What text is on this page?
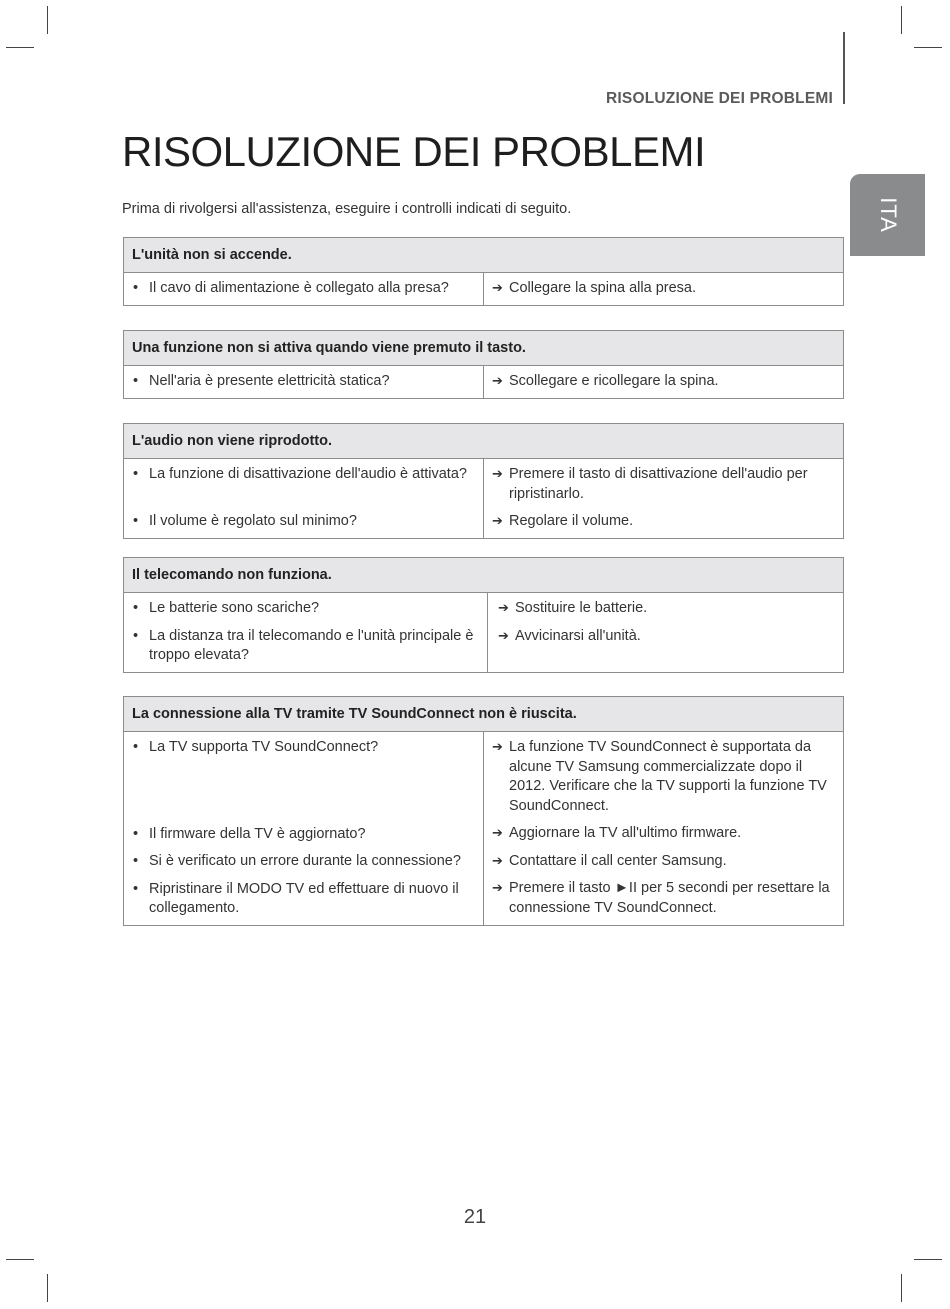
RISOLUZIONE DEI PROBLEMI
ITA
RISOLUZIONE DEI PROBLEMI
Prima di rivolgersi all'assistenza, eseguire i controlli indicati di seguito.
L'unità non si accende.
• Il cavo di alimentazione è collegato alla presa?	➔ Collegare la spina alla presa.
Una funzione non si attiva quando viene premuto il tasto.
• Nell'aria è presente elettricità statica?	➔ Scollegare e ricollegare la spina.
L'audio non viene riprodotto.
• La funzione di disattivazione dell'audio è attivata?
• Il volume è regolato sul minimo?
➔ Premere il tasto di disattivazione dell'audio per ripristinarlo.
➔ Regolare il volume.
Il telecomando non funziona.
• Le batterie sono scariche?
• La distanza tra il telecomando e l'unità principale è troppo elevata?
➔ Sostituire le batterie.
➔ Avvicinarsi all'unità.
La connessione alla TV tramite TV SoundConnect non è riuscita.
• La TV supporta TV SoundConnect?
• Il firmware della TV è aggiornato?
• Si è verificato un errore durante la connessione?
• Ripristinare il MODO TV ed effettuare di nuovo il collegamento.
➔ La funzione TV SoundConnect è supportata da alcune TV Samsung commercializzate dopo il 2012. Verificare che la TV supporti la funzione TV SoundConnect.
➔ Aggiornare la TV all'ultimo firmware.
➔ Contattare il call center Samsung.
➔ Premere il tasto ►II per 5 secondi per resettare la connessione TV SoundConnect.
21
